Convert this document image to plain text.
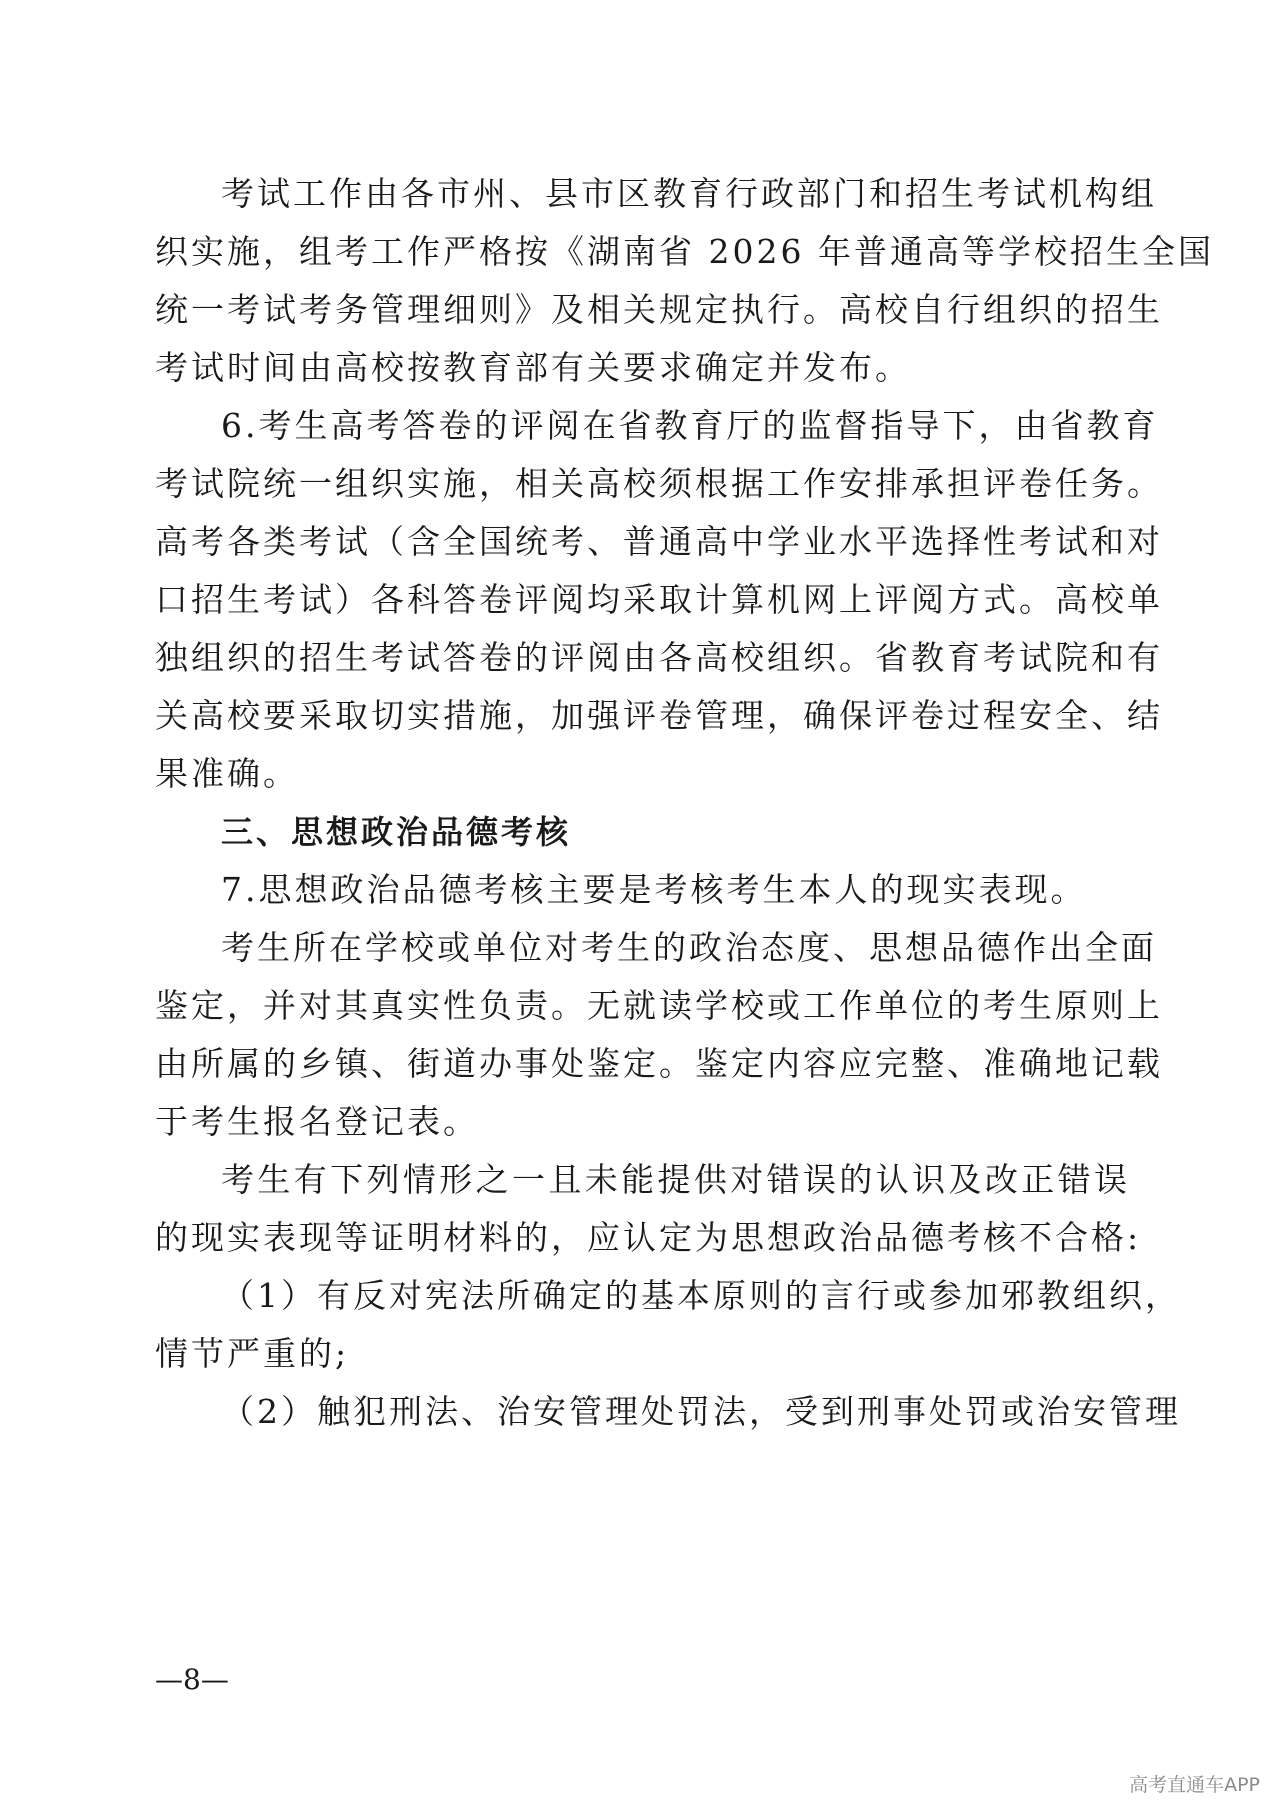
考试工作由各市州、县市区教育行政部门和招生考试机构组

织实施，组考工作严格按《湖南省 2026 年普通高等学校招生全国

统一考试考务管理细则》及相关规定执行。高校自行组织的招生

考试时间由高校按教育部有关要求确定并发布。

6.考生高考答卷的评阅在省教育厅的监督指导下，由省教育

考试院统一组织实施，相关高校须根据工作安排承担评卷任务。

高考各类考试（含全国统考、普通高中学业水平选择性考试和对

口招生考试）各科答卷评阅均采取计算机网上评阅方式。高校单

独组织的招生考试答卷的评阅由各高校组织。省教育考试院和有

关高校要采取切实措施，加强评卷管理，确保评卷过程安全、结

果准确。

三、思想政治品德考核

7.思想政治品德考核主要是考核考生本人的现实表现。

考生所在学校或单位对考生的政治态度、思想品德作出全面

鉴定，并对其真实性负责。无就读学校或工作单位的考生原则上

由所属的乡镇、街道办事处鉴定。鉴定内容应完整、准确地记载

于考生报名登记表。

考生有下列情形之一且未能提供对错误的认识及改正错误

的现实表现等证明材料的，应认定为思想政治品德考核不合格:

（1）有反对宪法所确定的基本原则的言行或参加邪教组织，

情节严重的;

（2）触犯刑法、治安管理处罚法，受到刑事处罚或治安管理

—8—
高考直通车APP
